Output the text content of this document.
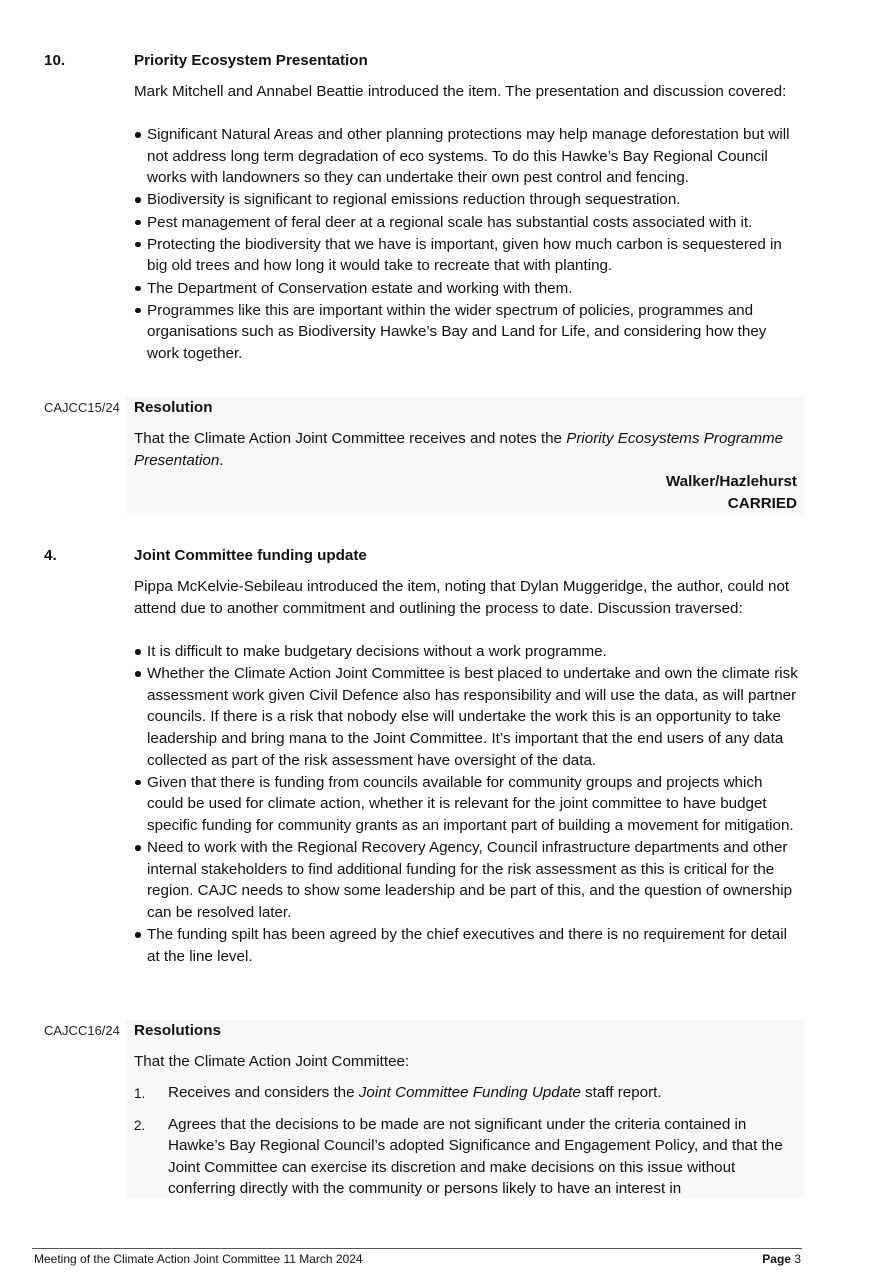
10.	Priority Ecosystem Presentation

Mark Mitchell and Annabel Beattie introduced the item. The presentation and discussion covered:

Significant Natural Areas and other planning protections may help manage deforestation but will not address long term degradation of eco systems. To do this Hawke’s Bay Regional Council works with landowners so they can undertake their own pest control and fencing.
Biodiversity is significant to regional emissions reduction through sequestration.
Pest management of feral deer at a regional scale has substantial costs associated with it.
Protecting the biodiversity that we have is important, given how much carbon is sequestered in big old trees and how long it would take to recreate that with planting.
The Department of Conservation estate and working with them.
Programmes like this are important within the wider spectrum of policies, programmes and organisations such as Biodiversity Hawke’s Bay and Land for Life, and considering how they work together.
CAJCC15/24 Resolution

That the Climate Action Joint Committee receives and notes the Priority Ecosystems Programme Presentation.

Walker/Hazlehurst
CARRIED
4.	Joint Committee funding update

Pippa McKelvie-Sebileau introduced the item, noting that Dylan Muggeridge, the author, could not attend due to another commitment and outlining the process to date. Discussion traversed:

It is difficult to make budgetary decisions without a work programme.
Whether the Climate Action Joint Committee is best placed to undertake and own the climate risk assessment work given Civil Defence also has responsibility and will use the data, as will partner councils. If there is a risk that nobody else will undertake the work this is an opportunity to take leadership and bring mana to the Joint Committee. It’s important that the end users of any data collected as part of the risk assessment have oversight of the data.
Given that there is funding from councils available for community groups and projects which could be used for climate action, whether it is relevant for the joint committee to have budget specific funding for community grants as an important part of building a movement for mitigation.
Need to work with the Regional Recovery Agency, Council infrastructure departments and other internal stakeholders to find additional funding for the risk assessment as this is critical for the region. CAJC needs to show some leadership and be part of this, and the question of ownership can be resolved later.
The funding spilt has been agreed by the chief executives and there is no requirement for detail at the line level.
CAJCC16/24 Resolutions

That the Climate Action Joint Committee:

1. Receives and considers the Joint Committee Funding Update staff report.
2. Agrees that the decisions to be made are not significant under the criteria contained in Hawke’s Bay Regional Council’s adopted Significance and Engagement Policy, and that the Joint Committee can exercise its discretion and make decisions on this issue without conferring directly with the community or persons likely to have an interest in
Meeting of the Climate Action Joint Committee 11 March 2024	Page 3
